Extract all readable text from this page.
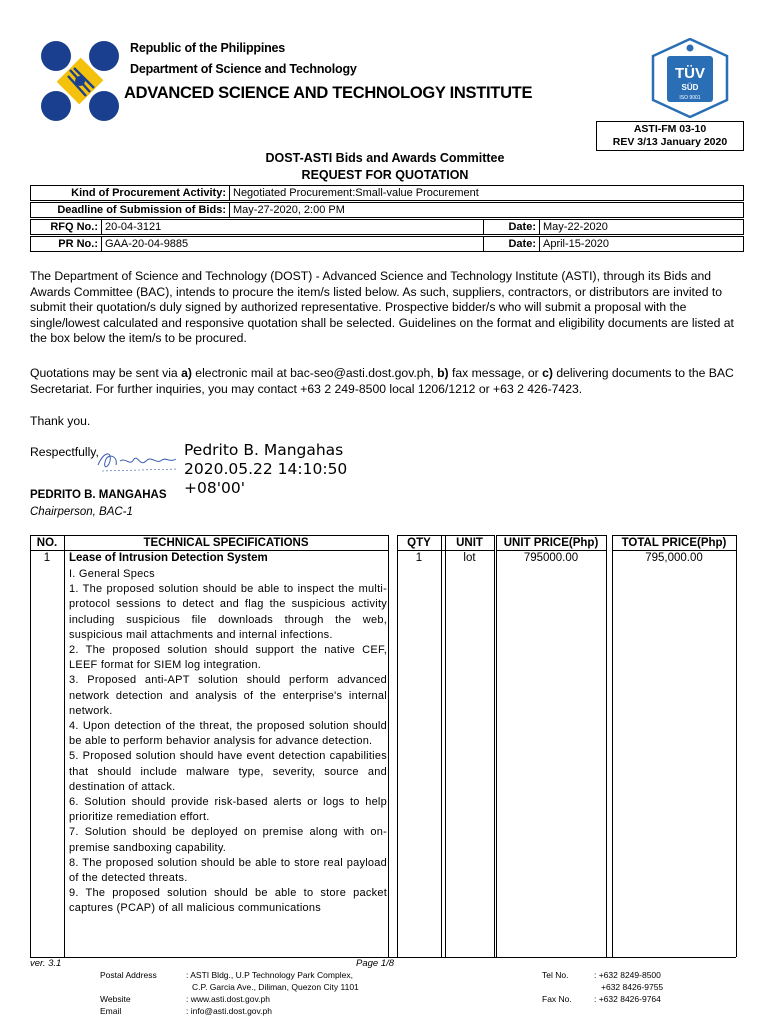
Republic of the Philippines
Department of Science and Technology
ADVANCED SCIENCE AND TECHNOLOGY INSTITUTE
TÜV
SÜD
ISO 9001
ASTI-FM 03-10
REV 3/13 January 2020
DOST-ASTI Bids and Awards Committee
REQUEST FOR QUOTATION
Kind of Procurement Activity: Negotiated Procurement:Small-value Procurement
Deadline of Submission of Bids: May-27-2020, 2:00 PM
RFQ No.: 20-04-3121	Date: May-22-2020
PR No.: GAA-20-04-9885	Date: April-15-2020
The Department of Science and Technology (DOST) - Advanced Science and Technology Institute (ASTI), through its Bids and Awards Committee (BAC), intends to procure the item/s listed below. As such, suppliers, contractors, or distributors are invited to submit their quotation/s duly signed by authorized representative. Prospective bidder/s who will submit a proposal with the single/lowest calculated and responsive quotation shall be selected. Guidelines on the format and eligibility documents are listed at the box below the item/s to be procured.
Quotations may be sent via a) electronic mail at bac-seo@asti.dost.gov.ph, b) fax message, or c) delivering documents to the BAC Secretariat. For further inquiries, you may contact +63 2 249-8500 local 1206/1212 or +63 2 426-7423.
Thank you.
Respectfully,	Pedrito B. Mangahas
2020.05.22 14:10:50
+08'00'
PEDRITO B. MANGAHAS
Chairperson, BAC-1
NO.	TECHNICAL SPECIFICATIONS	QTY	UNIT	UNIT PRICE(Php)	TOTAL PRICE(Php)
1	Lease of Intrusion Detection System	1	lot	795000.00	795,000.00

I. General Specs

1. The proposed solution should be able to inspect the multi-protocol sessions to detect and flag the suspicious activity including suspicious file downloads through the web, suspicious mail attachments and internal infections.

2. The proposed solution should support the native CEF, LEEF format for SIEM log integration.

3. Proposed anti-APT solution should perform advanced network detection and analysis of the enterprise's internal network.

4. Upon detection of the threat, the proposed solution should be able to perform behavior analysis for advance detection.

5. Proposed solution should have event detection capabilities that should include malware type, severity, source and destination of attack.

6. Solution should provide risk-based alerts or logs to help prioritize remediation effort.

7. Solution should be deployed on premise along with on-premise sandboxing capability.

8. The proposed solution should be able to store real payload of the detected threats.

9. The proposed solution should be able to store packet captures (PCAP) of all malicious communications

ver. 3.1	Page 1/8
Postal Address	: ASTI Bldg., U.P Technology Park Complex,
C.P. Garcia Ave., Diliman, Quezon City 1101
Website	: www.asti.dost.gov.ph
Email	: info@asti.dost.gov.ph
Tel No.	: +632 8249-8500
+632 8426-9755
Fax No.	: +632 8426-9764
